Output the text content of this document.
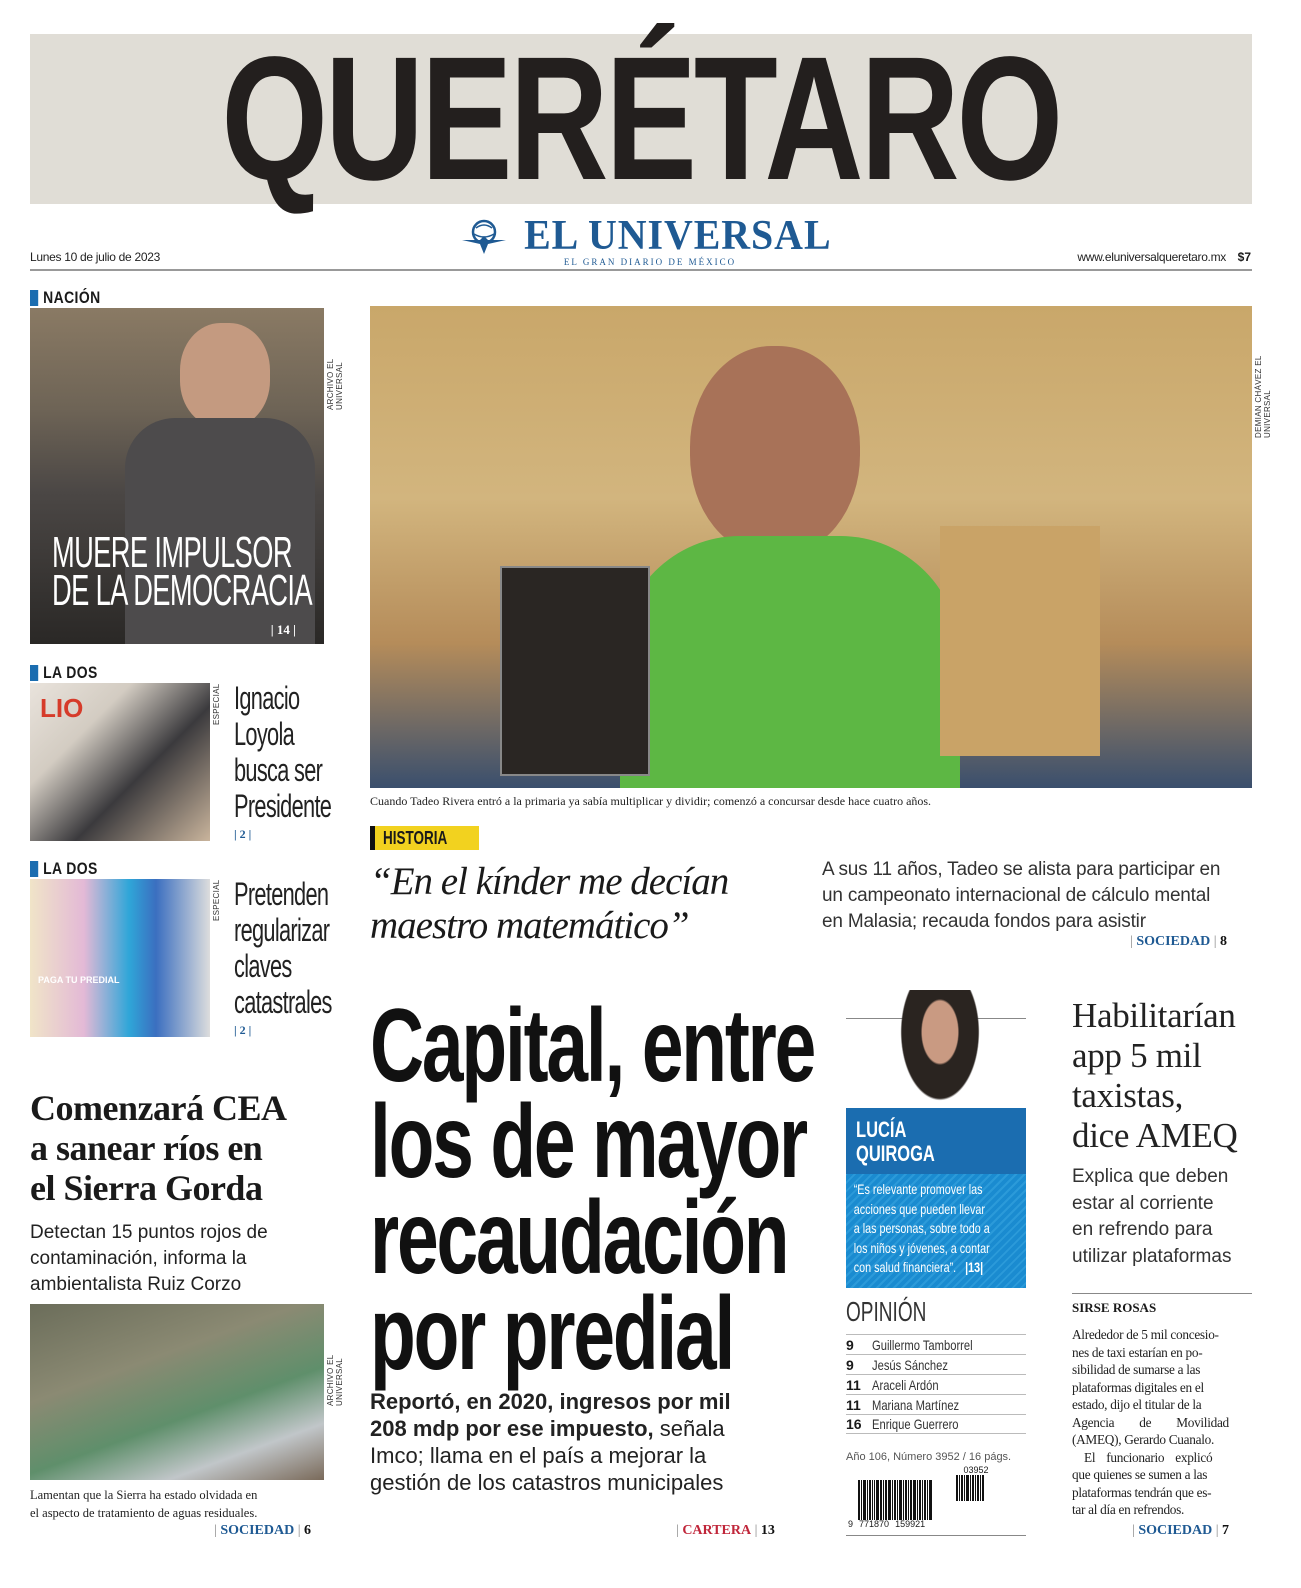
QUERÉTARO
EL UNIVERSAL
EL GRAN DIARIO DE MÉXICO
Lunes 10 de julio de 2023	www.eluniversalqueretaro.mx $7
NACIÓN
MUERE IMPULSOR
DE LA DEMOCRACIA
| 14 |
ARCHIVO EL UNIVERSAL
LA DOS
LIO	ESPECIAL Ignacio
Loyola
busca ser
Presidente
| 2 |
LA DOS
PAGA TU PREDIAL
ESPECIAL Pretenden
regularizar
claves
catastrales
| 2 |
Comenzará CEA
a sanear ríos en
el Sierra Gorda
Detectan 15 puntos rojos de
contaminación, informa la
ambientalista Ruiz Corzo
ARCHIVO EL UNIVERSAL
Lamentan que la Sierra ha estado olvidada en
el aspecto de tratamiento de aguas residuales.
| SOCIEDAD | 6
DEMIAN CHÁVEZ EL UNIVERSAL
Cuando Tadeo Rivera entró a la primaria ya sabía multiplicar y dividir; comenzó a concursar desde hace cuatro años.
HISTORIA
“En el kínder me decían
maestro matemático”
A sus 11 años, Tadeo se alista para participar en
un campeonato internacional de cálculo mental
en Malasia; recauda fondos para asistir
| SOCIEDAD | 8
Capital, entre
los de mayor
recaudación
por predial
Reportó, en 2020, ingresos por mil
208 mdp por ese impuesto, señala
Imco; llama en el país a mejorar la
gestión de los catastros municipales
| CARTERA | 13
LUCÍA
QUIROGA
“Es relevante promover las
acciones que pueden llevar
a las personas, sobre todo a
los niños y jóvenes, a contar
con salud financiera”. |13|
OPINIÓN
9	Guillermo Tamborrel
9	Jesús Sánchez
11 Araceli Ardón
11 Mariana Martínez
16 Enrique Guerrero
Año 106, Número 3952 / 16 págs.
9 771870 159921
03952
Habilitarían
app 5 mil
taxistas,
dice AMEQ
Explica que deben
estar al corriente
en refrendo para
utilizar plataformas
SIRSE ROSAS
Alrededor de 5 mil concesio-
nes de taxi estarían en po-
sibilidad de sumarse a las
plataformas digitales en el
estado, dijo el titular de la
Agencia de Movilidad
(AMEQ), Gerardo Cuanalo.
El funcionario explicó
que quienes se sumen a las
plataformas tendrán que es-
tar al día en refrendos.
| SOCIEDAD | 7
